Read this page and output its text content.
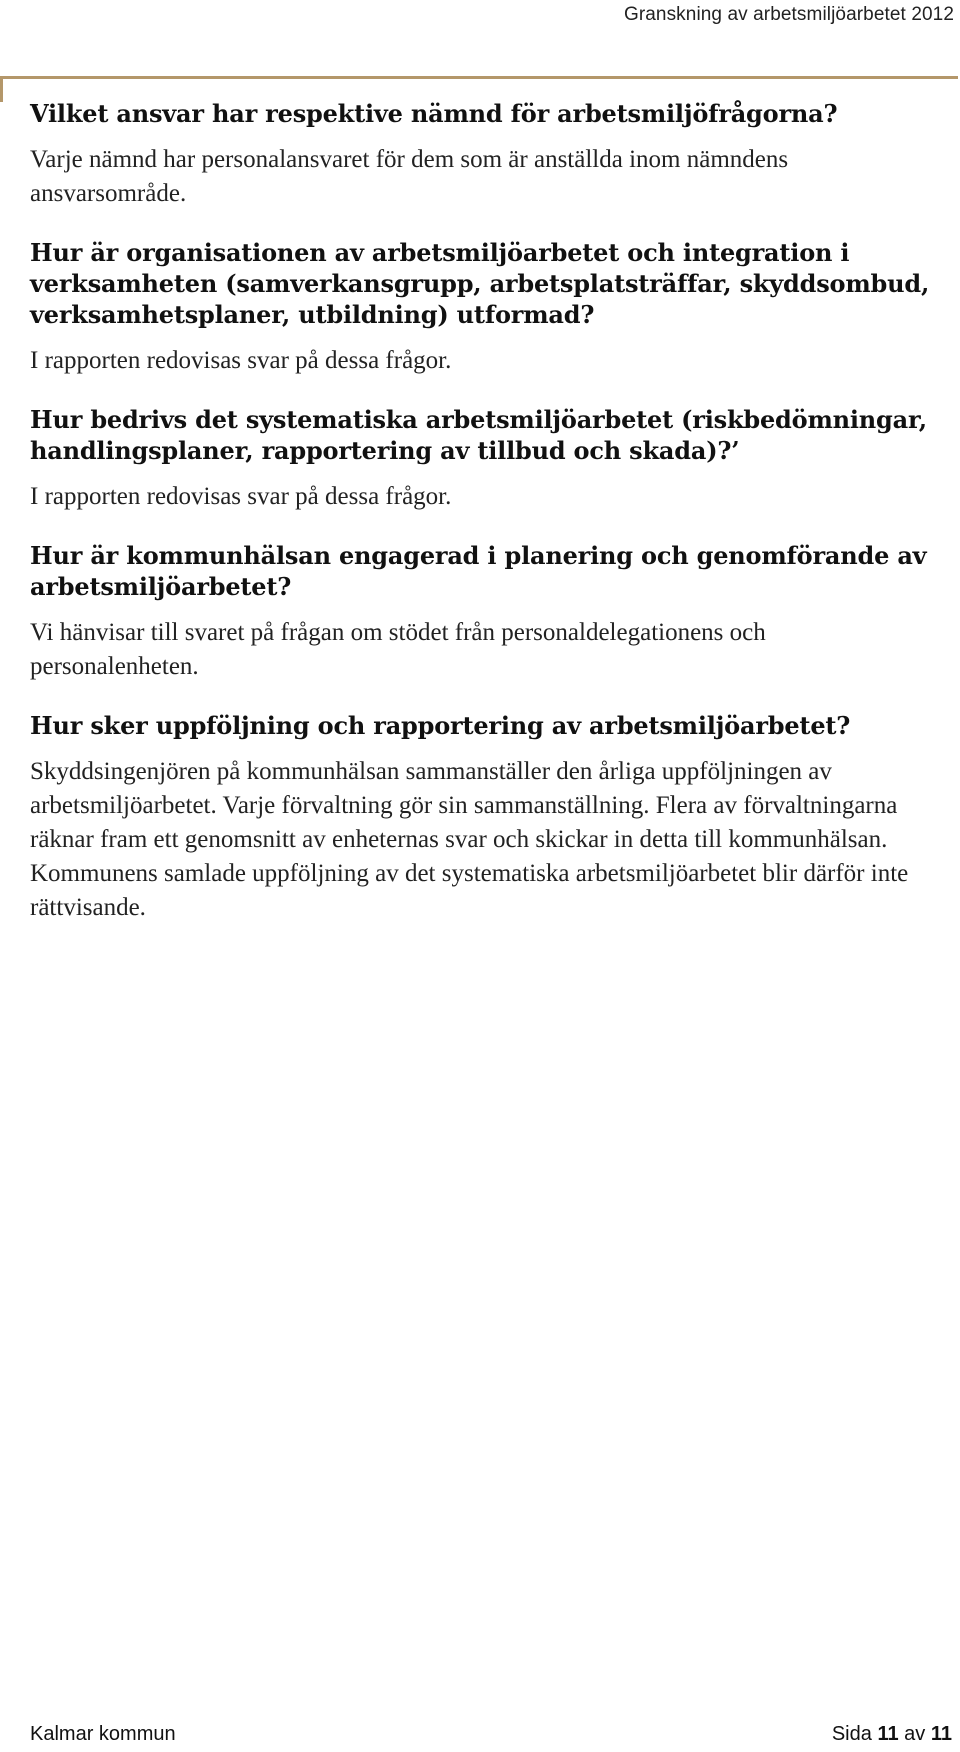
Granskning av arbetsmiljöarbetet 2012

Vilket ansvar har respektive nämnd för arbetsmiljöfrågorna?

Varje nämnd har personalansvaret för dem som är anställda inom nämndens ansvarsområde.

Hur är organisationen av arbetsmiljöarbetet och integration i verksamheten (samverkansgrupp, arbetsplatsträffar, skyddsombud, verksamhetsplaner, utbildning) utformad?

I rapporten redovisas svar på dessa frågor.

Hur bedrivs det systematiska arbetsmiljöarbetet (riskbedömningar, handlingsplaner, rapportering av tillbud och skada)?’

I rapporten redovisas svar på dessa frågor.

Hur är kommunhälsan engagerad i planering och genomförande av arbetsmiljöarbetet?

Vi hänvisar till svaret på frågan om stödet från personaldelegationens och personalenheten.

Hur sker uppföljning och rapportering av arbetsmiljöarbetet?

Skyddsingenjören på kommunhälsan sammanställer den årliga uppföljningen av arbetsmiljöarbetet. Varje förvaltning gör sin sammanställning. Flera av förvaltningarna räknar fram ett genomsnitt av enheternas svar och skickar in detta till kommunhälsan. Kommunens samlade uppföljning av det systematiska arbetsmiljöarbetet blir därför inte rättvisande.

Kalmar kommun	Sida 11 av 11
